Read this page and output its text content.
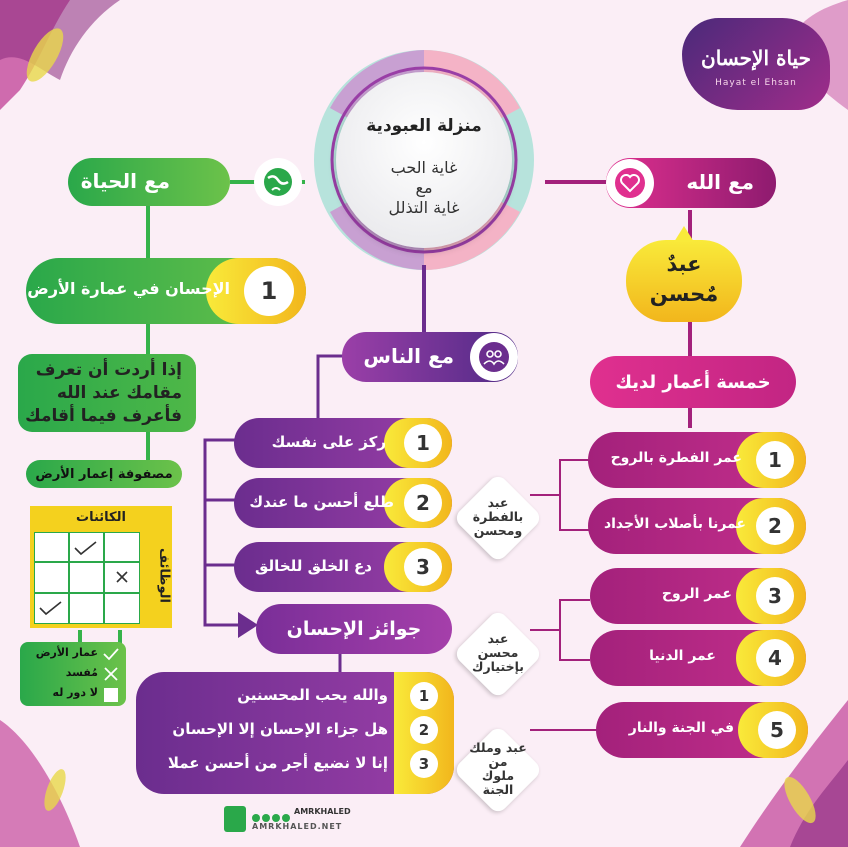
حياة الإحسان
Hayat el Ehsan
منزلة العبودية
غاية الحب
مع
غاية التذلل
مع الحياة	مع الله
مع الناس
الإحسان في عمارة الأرض	1
إذا أردت أن تعرف
مقامك عند الله
فأعرف فيما أقامك
مصفوفة إعمار الأرض
الكائنات
الوظائف
عمار الأرض
مُفسد
لا دور له
عبدٌ
مٌحسن
خمسة أعمار لديك
عمر الفطرة بالروح	1
عمرنا بأصلاب الأجداد	2
عمر الروح	3
عمر الدنيا	4
في الجنة والنار	5
عبد
بالفطرة
ومحسن
عبد
محسن
بإختيارك
عبد وملك
من
ملوك
الجنة
ركز على نفسك	1
طلع أحسن ما عندك	2
دع الخلق للخالق	3
جوائز الإحسان
والله يحب المحسنين	1
هل جزاء الإحسان إلا الإحسان	2
إنا لا نضيع أجر من أحسن عملا	3
AMRKHALED
AMRKHALED.NET
